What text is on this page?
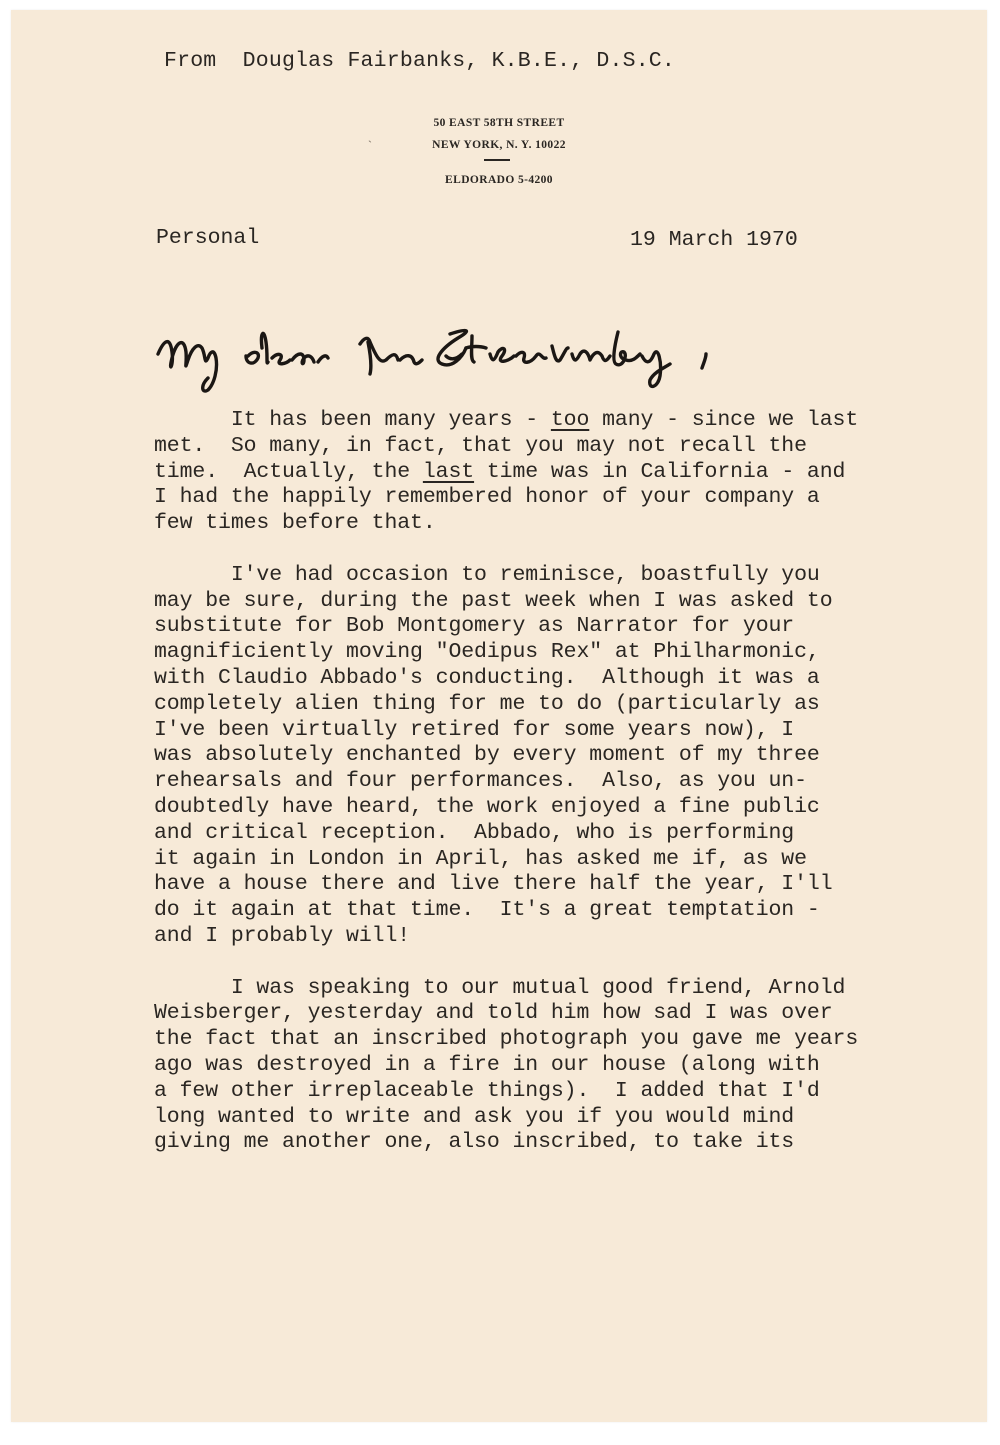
From Douglas Fairbanks, K.B.E., D.S.C.
`
50 EAST 58TH STREET
NEW YORK, N. Y. 10022
ELDORADO 5-4200
Personal	19 March 1970
It has been many years - too many - since we last
met.  So many, in fact, that you may not recall the
time.  Actually, the last time was in California - and
I had the happily remembered honor of your company a
few times before that.
I've had occasion to reminisce, boastfully you
may be sure, during the past week when I was asked to
substitute for Bob Montgomery as Narrator for your
magnificiently moving "Oedipus Rex" at Philharmonic,
with Claudio Abbado's conducting.  Although it was a
completely alien thing for me to do (particularly as
I've been virtually retired for some years now), I
was absolutely enchanted by every moment of my three
rehearsals and four performances.  Also, as you un-
doubtedly have heard, the work enjoyed a fine public
and critical reception.  Abbado, who is performing
it again in London in April, has asked me if, as we
have a house there and live there half the year, I'll
do it again at that time.  It's a great temptation -
and I probably will!
I was speaking to our mutual good friend, Arnold
Weisberger, yesterday and told him how sad I was over
the fact that an inscribed photograph you gave me years
ago was destroyed in a fire in our house (along with
a few other irreplaceable things).  I added that I'd
long wanted to write and ask you if you would mind
giving me another one, also inscribed, to take its
